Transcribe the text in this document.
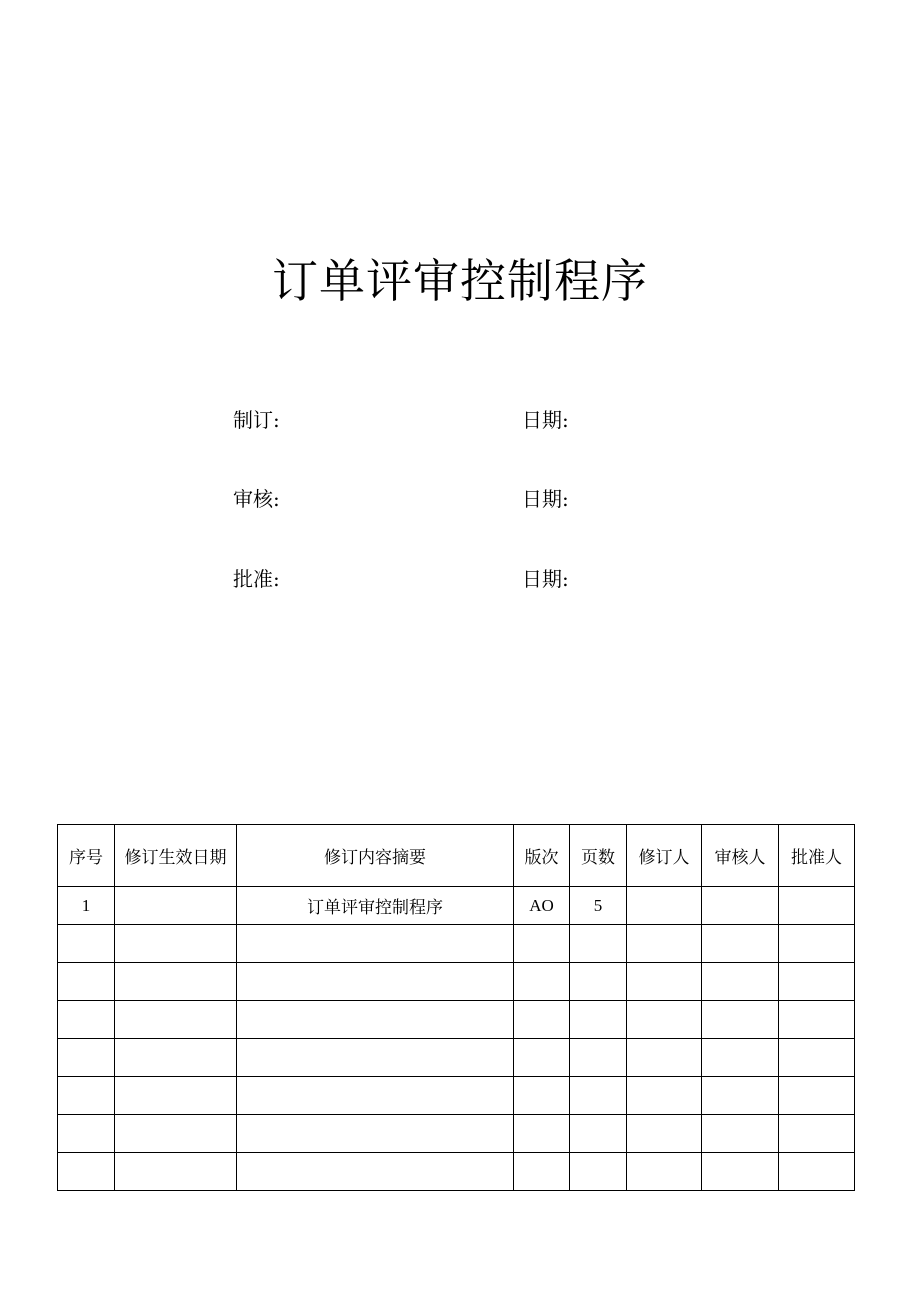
订单评审控制程序
制订:	日期:
审核:	日期:
批准:	日期:
序号	修订生效日期	修订内容摘要	版次	页数	修订人	审核人	批准人
1		订单评审控制程序	AO	5			
